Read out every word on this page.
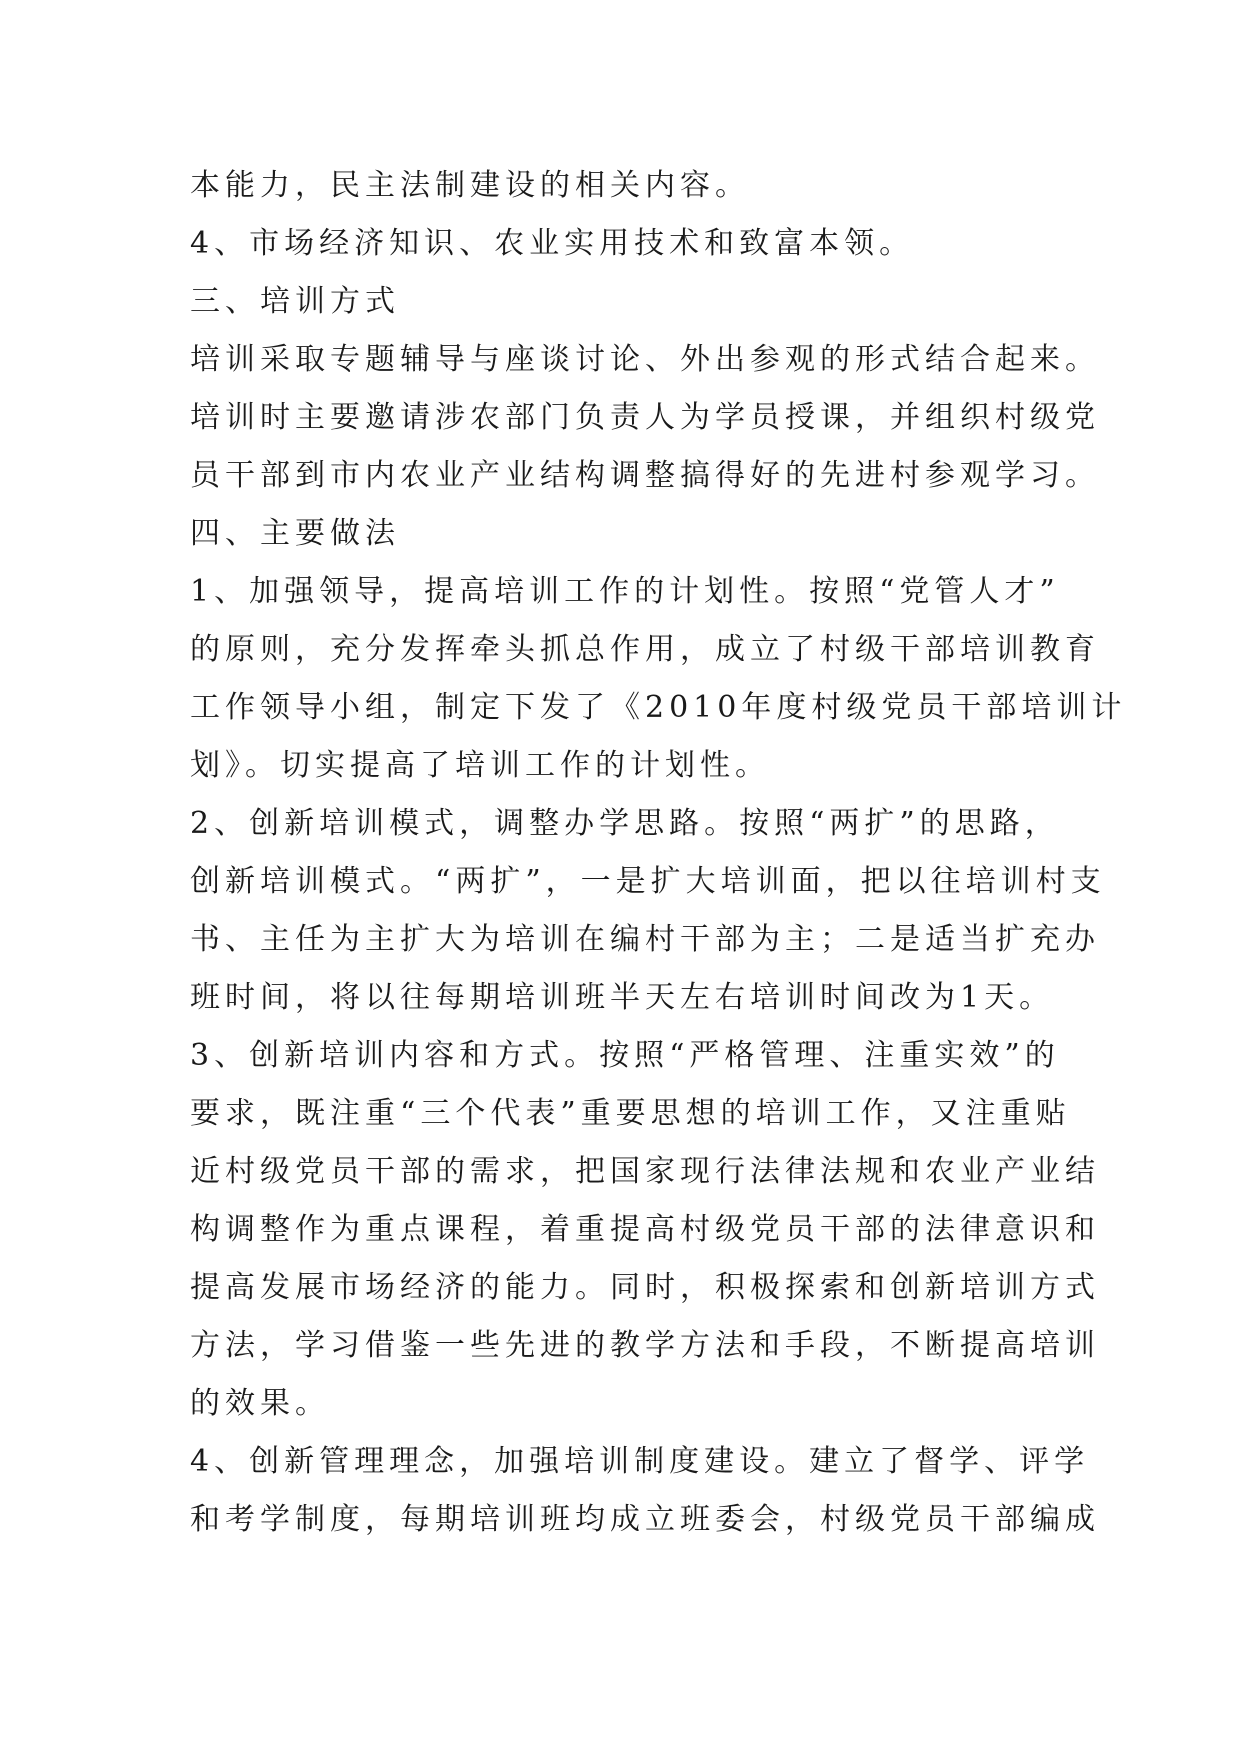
本能力，民主法制建设的相关内容。
4、市场经济知识、农业实用技术和致富本领。
三、培训方式
培训采取专题辅导与座谈讨论、外出参观的形式结合起来。
培训时主要邀请涉农部门负责人为学员授课，并组织村级党
员干部到市内农业产业结构调整搞得好的先进村参观学习。
四、主要做法
1、加强领导，提高培训工作的计划性。按照“党管人才”
的原则，充分发挥牵头抓总作用，成立了村级干部培训教育
工作领导小组，制定下发了《2010年度村级党员干部培训计
划》。切实提高了培训工作的计划性。
2、创新培训模式，调整办学思路。按照“两扩”的思路，
创新培训模式。“两扩”，一是扩大培训面，把以往培训村支
书、主任为主扩大为培训在编村干部为主；二是适当扩充办
班时间，将以往每期培训班半天左右培训时间改为1天。
3、创新培训内容和方式。按照“严格管理、注重实效”的
要求，既注重“三个代表”重要思想的培训工作，又注重贴
近村级党员干部的需求，把国家现行法律法规和农业产业结
构调整作为重点课程，着重提高村级党员干部的法律意识和
提高发展市场经济的能力。同时，积极探索和创新培训方式
方法，学习借鉴一些先进的教学方法和手段，不断提高培训
的效果。
4、创新管理理念，加强培训制度建设。建立了督学、评学
和考学制度，每期培训班均成立班委会，村级党员干部编成
